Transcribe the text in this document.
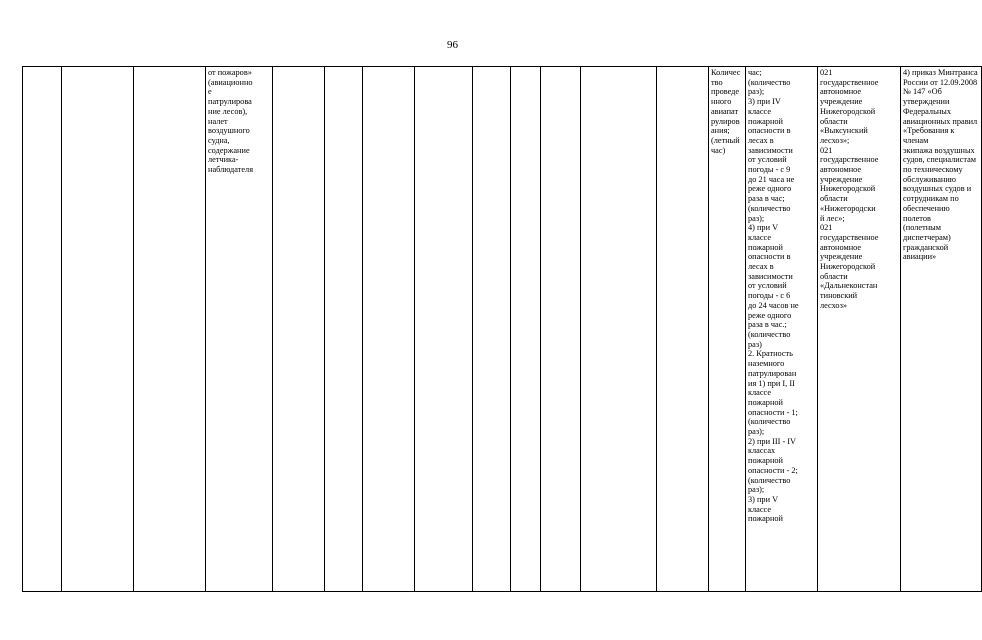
96

от пожаров»
(авиационно
е
патрулирова
ние лесов),
налет
воздушного
судна,
содержание
летчика-
наблюдателя

Количес
тво
проведе
нного
авиапат
рулиров
ания;
(летный
час)

час;
(количество
раз);
3) при IV
классе
пожарной
опасности в
лесах в
зависимости
от условий
погоды - с 9
до 21 часа не
реже одного
раза в час;
(количество
раз);
4) при V
классе
пожарной
опасности в
лесах в
зависимости
от условий
погоды - с 6
до 24 часов не
реже одного
раза в час.;
(количество
раз)
2. Кратность
наземного
патрулирован
ия 1) при I, II
классе
пожарной
опасности - 1;
(количество
раз);
2) при III - IV
классах
пожарной
опасности - 2;
(количество
раз);
3) при V
классе
пожарной

021
государственное
автономное
учреждение
Нижегородской
области
«Выксунский
лесхоз»;
021
государственное
автономное
учреждение
Нижегородской
области
«Нижегородски
й лес»;
021
государственное
автономное
учреждение
Нижегородской
области
«Дальнеконстан
тиновский
лесхоз»

4) приказ Минтранса
России от 12.09.2008
№ 147 «Об
утверждении
Федеральных
авиационных правил
«Требования к членам
экипажа воздушных
судов, специалистам
по техническому
обслуживанию
воздушных судов и
сотрудникам по
обеспечению полетов
(полетным
диспетчерам)
гражданской авиации»
